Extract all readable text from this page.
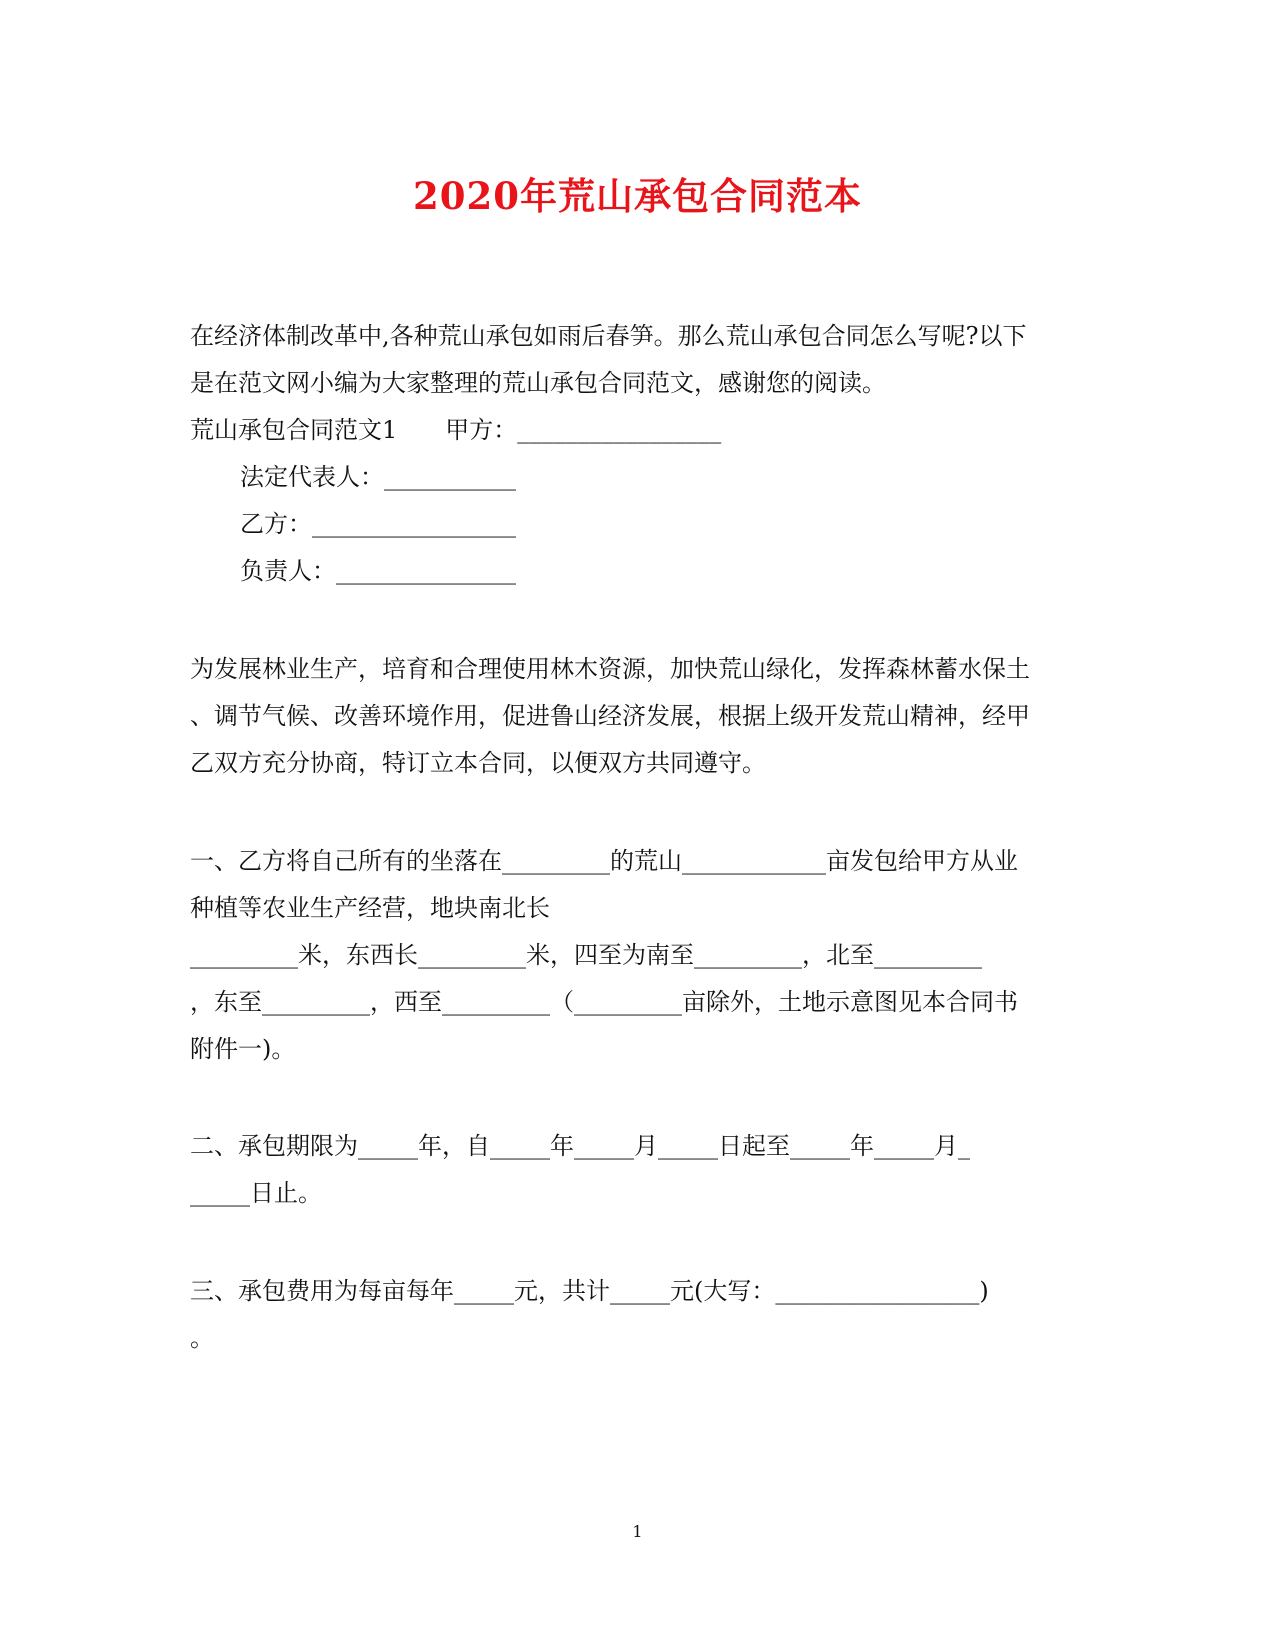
2020年荒山承包合同范本
在经济体制改革中,各种荒山承包如雨后春笋。那么荒山承包合同怎么写呢?以下
是在范文网小编为大家整理的荒山承包合同范文，感谢您的阅读。
荒山承包合同范文1　　甲方：_________________
法定代表人：___________
乙方：_________________
负责人：_______________
为发展林业生产，培育和合理使用林木资源，加快荒山绿化，发挥森林蓄水保土
、调节气候、改善环境作用，促进鲁山经济发展，根据上级开发荒山精神，经甲
乙双方充分协商，特订立本合同，以便双方共同遵守。
一、乙方将自己所有的坐落在_________的荒山____________亩发包给甲方从业
种植等农业生产经营，地块南北长
_________米，东西长_________米，四至为南至_________，北至_________
，东至_________，西至_________（_________亩除外，土地示意图见本合同书
附件一)。
二、承包期限为_____年，自_____年_____月_____日起至_____年_____月_
_____日止。
三、承包费用为每亩每年_____元，共计_____元(大写：_________________)
。
1
